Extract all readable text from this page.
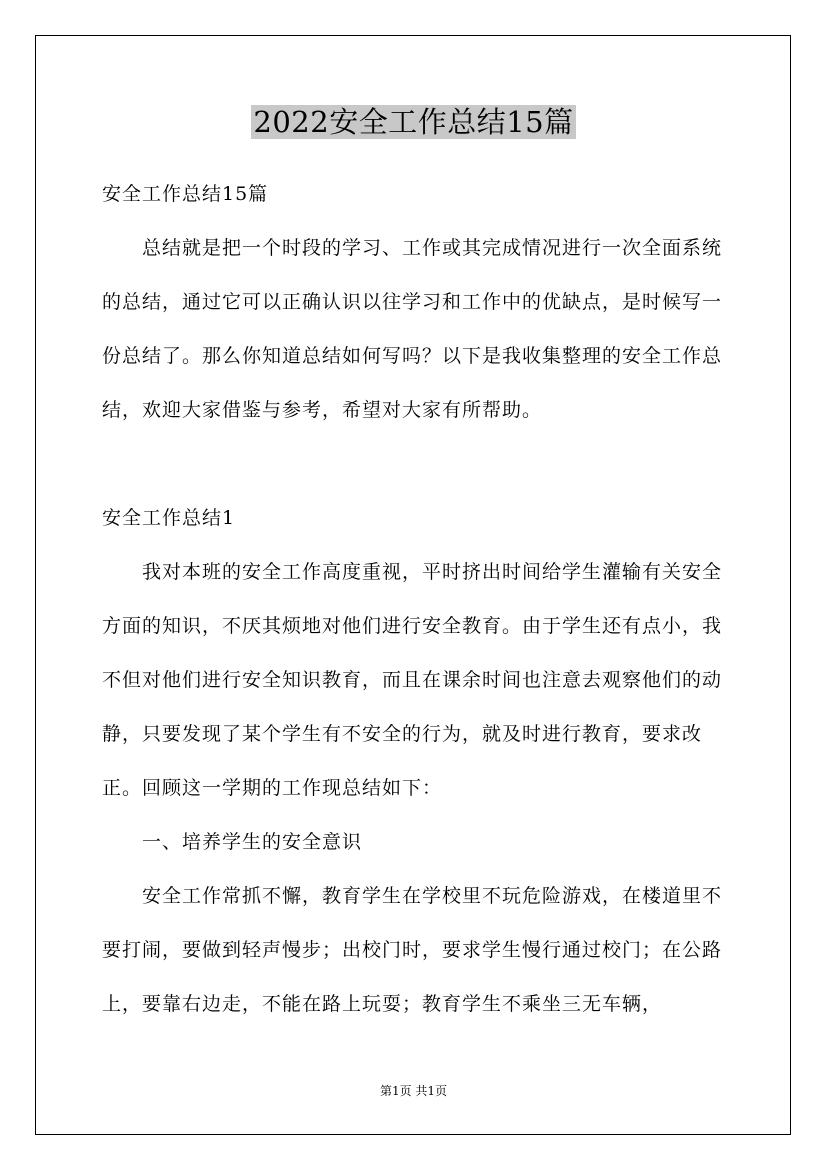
2022安全工作总结15篇

安全工作总结15篇

总结就是把一个时段的学习、工作或其完成情况进行一次全面系统的总结，通过它可以正确认识以往学习和工作中的优缺点，是时候写一份总结了。那么你知道总结如何写吗？以下是我收集整理的安全工作总结，欢迎大家借鉴与参考，希望对大家有所帮助。

安全工作总结1

我对本班的安全工作高度重视，平时挤出时间给学生灌输有关安全方面的知识，不厌其烦地对他们进行安全教育。由于学生还有点小，我不但对他们进行安全知识教育，而且在课余时间也注意去观察他们的动静，只要发现了某个学生有不安全的行为，就及时进行教育，要求改正。回顾这一学期的工作现总结如下：

一、培养学生的安全意识

安全工作常抓不懈，教育学生在学校里不玩危险游戏，在楼道里不要打闹，要做到轻声慢步；出校门时，要求学生慢行通过校门；在公路上，要靠右边走，不能在路上玩耍；教育学生不乘坐三无车辆，

第1页 共1页
